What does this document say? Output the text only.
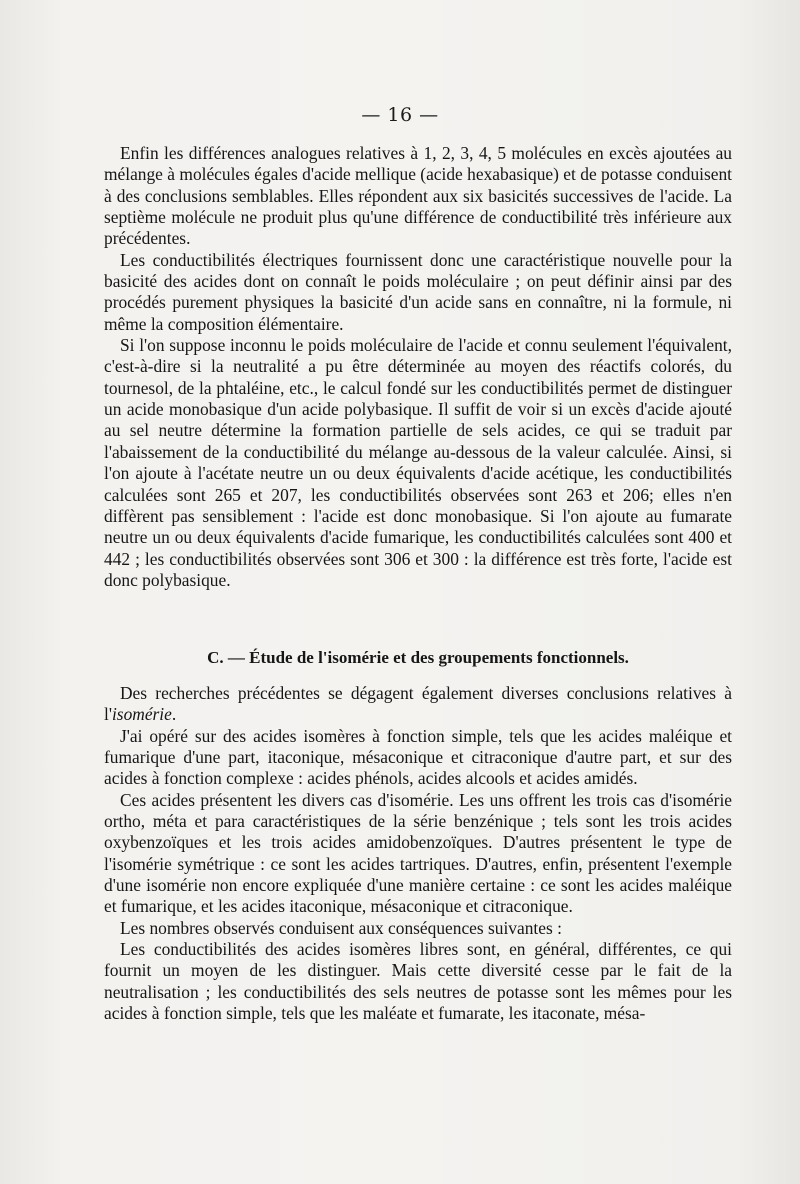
— 16 —

Enfin les différences analogues relatives à 1, 2, 3, 4, 5 molécules en excès ajoutées au mélange à molécules égales d'acide mellique (acide hexabasique) et de potasse conduisent à des conclusions semblables. Elles répondent aux six basicités successives de l'acide. La septième molécule ne produit plus qu'une différence de conductibilité très inférieure aux précédentes.

Les conductibilités électriques fournissent donc une caractéristique nouvelle pour la basicité des acides dont on connaît le poids moléculaire ; on peut définir ainsi par des procédés purement physiques la basicité d'un acide sans en connaître, ni la formule, ni même la composition élémentaire.

Si l'on suppose inconnu le poids moléculaire de l'acide et connu seulement l'équivalent, c'est-à-dire si la neutralité a pu être déterminée au moyen des réactifs colorés, du tournesol, de la phtaléine, etc., le calcul fondé sur les conductibilités permet de distinguer un acide monobasique d'un acide polybasique. Il suffit de voir si un excès d'acide ajouté au sel neutre détermine la formation partielle de sels acides, ce qui se traduit par l'abaissement de la conductibilité du mélange au-dessous de la valeur calculée. Ainsi, si l'on ajoute à l'acétate neutre un ou deux équivalents d'acide acétique, les conductibilités calculées sont 265 et 207, les conductibilités observées sont 263 et 206; elles n'en diffèrent pas sensiblement : l'acide est donc monobasique. Si l'on ajoute au fumarate neutre un ou deux équivalents d'acide fumarique, les conductibilités calculées sont 400 et 442 ; les conductibilités observées sont 306 et 300 : la différence est très forte, l'acide est donc polybasique.

C. — Étude de l'isomérie et des groupements fonctionnels.

Des recherches précédentes se dégagent également diverses conclusions relatives à l'isomérie.

J'ai opéré sur des acides isomères à fonction simple, tels que les acides maléique et fumarique d'une part, itaconique, mésaconique et citraconique d'autre part, et sur des acides à fonction complexe : acides phénols, acides alcools et acides amidés.

Ces acides présentent les divers cas d'isomérie. Les uns offrent les trois cas d'isomérie ortho, méta et para caractéristiques de la série benzénique ; tels sont les trois acides oxybenzoïques et les trois acides amidobenzoïques. D'autres présentent le type de l'isomérie symétrique : ce sont les acides tartriques. D'autres, enfin, présentent l'exemple d'une isomérie non encore expliquée d'une manière certaine : ce sont les acides maléique et fumarique, et les acides itaconique, mésaconique et citraconique.

Les nombres observés conduisent aux conséquences suivantes :

Les conductibilités des acides isomères libres sont, en général, différentes, ce qui fournit un moyen de les distinguer. Mais cette diversité cesse par le fait de la neutralisation ; les conductibilités des sels neutres de potasse sont les mêmes pour les acides à fonction simple, tels que les maléate et fumarate, les itaconate, mésa-
